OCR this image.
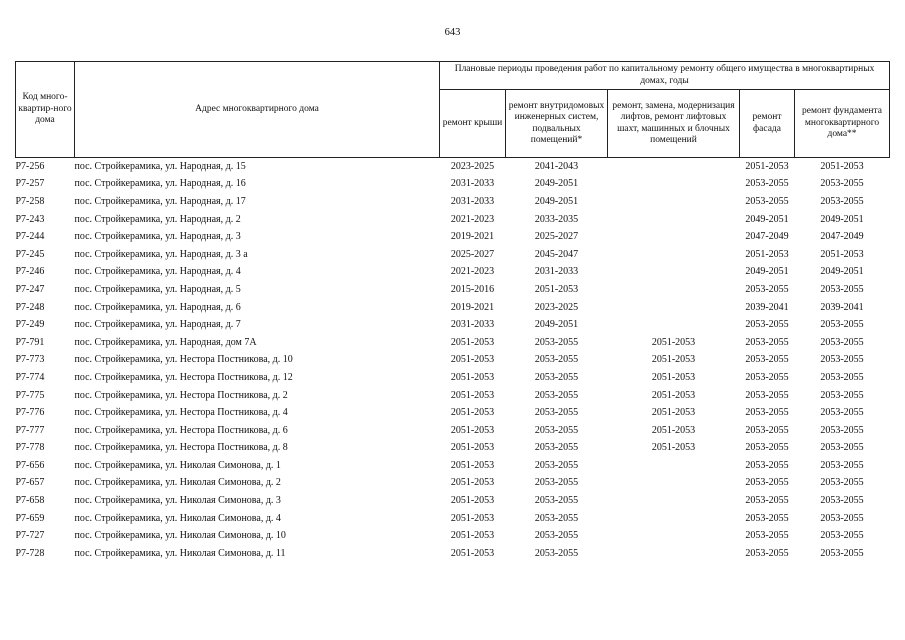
643
Код много-квартир-ного дома	Адрес многоквартирного дома	Плановые периоды проведения работ по капитальному ремонту общего имущества в многоквартирных домах, годы				
		ремонт крыши	ремонт внутридомовых инженерных систем, подвальных помещений*	ремонт, замена, модернизация лифтов, ремонт лифтовых шахт, машинных и блочных помещений	ремонт фасада	ремонт фундамента многоквартирного дома**
Р7-256	пос. Стройкерамика, ул. Народная, д. 15	2023-2025	2041-2043		2051-2053	2051-2053
Р7-257	пос. Стройкерамика, ул. Народная, д. 16	2031-2033	2049-2051		2053-2055	2053-2055
Р7-258	пос. Стройкерамика, ул. Народная, д. 17	2031-2033	2049-2051		2053-2055	2053-2055
Р7-243	пос. Стройкерамика, ул. Народная, д. 2	2021-2023	2033-2035		2049-2051	2049-2051
Р7-244	пос. Стройкерамика, ул. Народная, д. 3	2019-2021	2025-2027		2047-2049	2047-2049
Р7-245	пос. Стройкерамика, ул. Народная, д. 3 а	2025-2027	2045-2047		2051-2053	2051-2053
Р7-246	пос. Стройкерамика, ул. Народная, д. 4	2021-2023	2031-2033		2049-2051	2049-2051
Р7-247	пос. Стройкерамика, ул. Народная, д. 5	2015-2016	2051-2053		2053-2055	2053-2055
Р7-248	пос. Стройкерамика, ул. Народная, д. 6	2019-2021	2023-2025		2039-2041	2039-2041
Р7-249	пос. Стройкерамика, ул. Народная, д. 7	2031-2033	2049-2051		2053-2055	2053-2055
Р7-791	пос. Стройкерамика, ул. Народная, дом 7А	2051-2053	2053-2055	2051-2053	2053-2055	2053-2055
Р7-773	пос. Стройкерамика, ул. Нестора Постникова, д. 10	2051-2053	2053-2055	2051-2053	2053-2055	2053-2055
Р7-774	пос. Стройкерамика, ул. Нестора Постникова, д. 12	2051-2053	2053-2055	2051-2053	2053-2055	2053-2055
Р7-775	пос. Стройкерамика, ул. Нестора Постникова, д. 2	2051-2053	2053-2055	2051-2053	2053-2055	2053-2055
Р7-776	пос. Стройкерамика, ул. Нестора Постникова, д. 4	2051-2053	2053-2055	2051-2053	2053-2055	2053-2055
Р7-777	пос. Стройкерамика, ул. Нестора Постникова, д. 6	2051-2053	2053-2055	2051-2053	2053-2055	2053-2055
Р7-778	пос. Стройкерамика, ул. Нестора Постникова, д. 8	2051-2053	2053-2055	2051-2053	2053-2055	2053-2055
Р7-656	пос. Стройкерамика, ул. Николая Симонова, д. 1	2051-2053	2053-2055		2053-2055	2053-2055
Р7-657	пос. Стройкерамика, ул. Николая Симонова, д. 2	2051-2053	2053-2055		2053-2055	2053-2055
Р7-658	пос. Стройкерамика, ул. Николая Симонова, д. 3	2051-2053	2053-2055		2053-2055	2053-2055
Р7-659	пос. Стройкерамика, ул. Николая Симонова, д. 4	2051-2053	2053-2055		2053-2055	2053-2055
Р7-727	пос. Стройкерамика, ул. Николая Симонова, д. 10	2051-2053	2053-2055		2053-2055	2053-2055
Р7-728	пос. Стройкерамика, ул. Николая Симонова, д. 11	2051-2053	2053-2055		2053-2055	2053-2055
